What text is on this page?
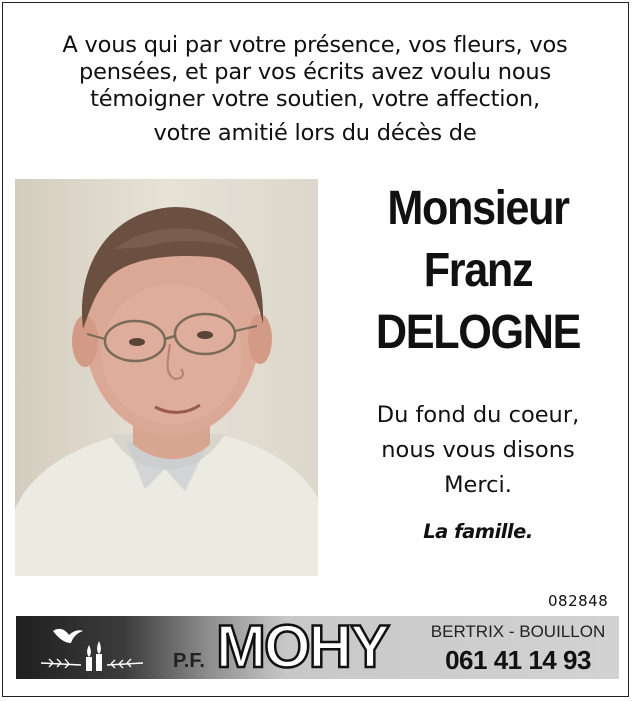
A vous qui par votre présence, vos fleurs, vos
pensées, et par vos écrits avez voulu nous
témoigner votre soutien, votre affection,
votre amitié lors du décès de
Monsieur
Franz
DELOGNE
Du fond du coeur,
nous vous disons
Merci.
La famille.
082848
P.F. MOHY	BERTRIX - BOUILLON
061 41 14 93
